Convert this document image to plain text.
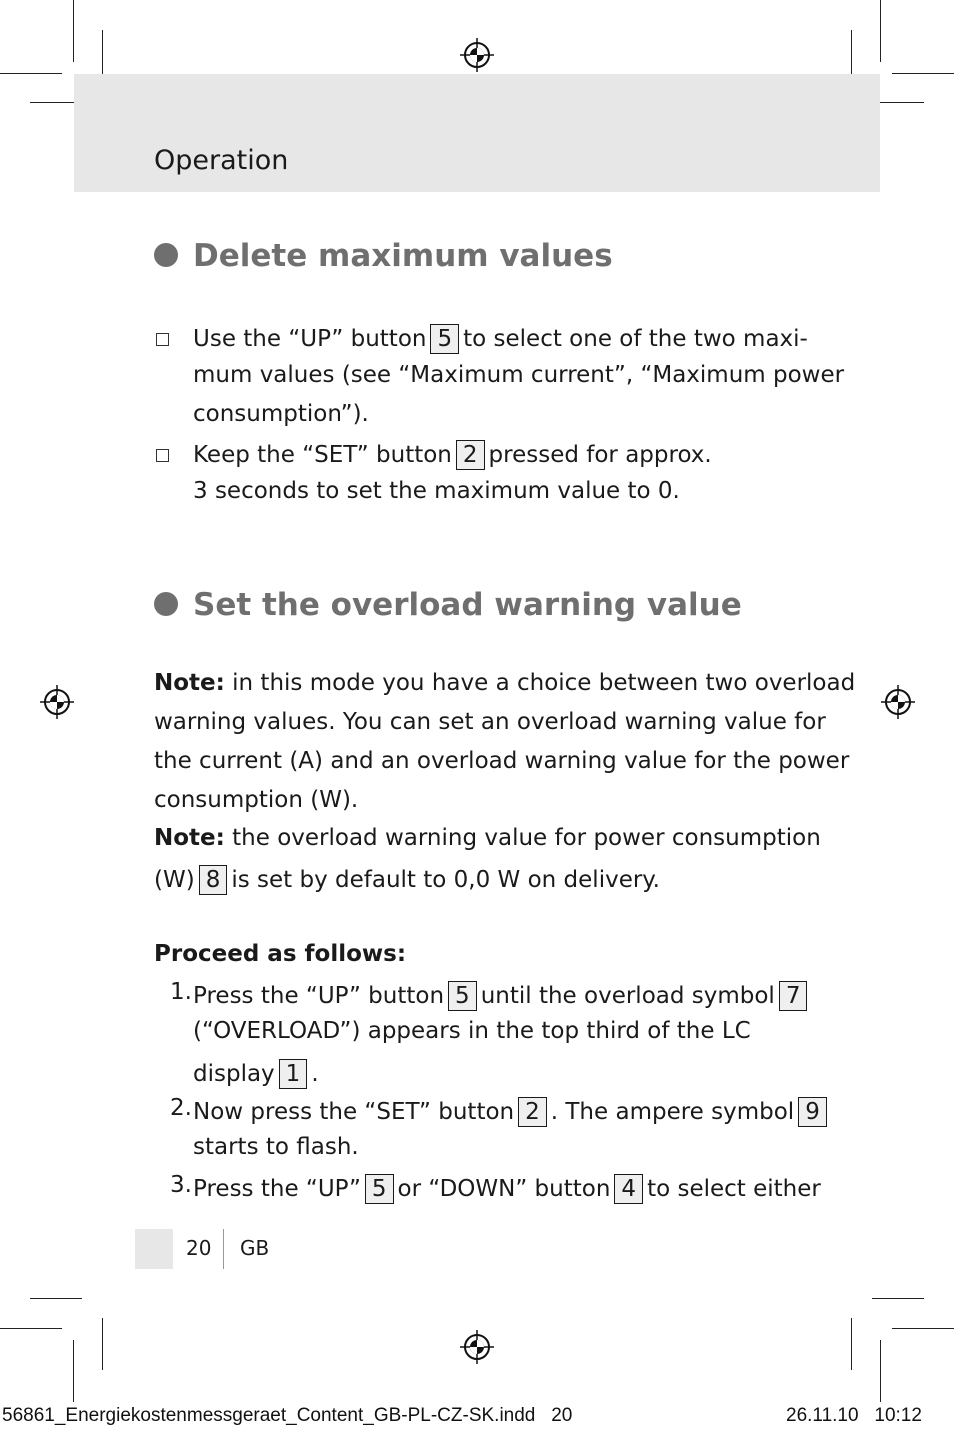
Operation
Delete maximum values
Use the “UP” button 5 to select one of the two maxi-
mum values (see “Maximum current”, “Maximum power
consumption”).
Keep the “SET” button 2 pressed for approx.
3 seconds to set the maximum value to 0.
Set the overload warning value
Note: in this mode you have a choice between two overload
warning values. You can set an overload warning value for
the current (A) and an overload warning value for the power
consumption (W).
Note: the overload warning value for power consumption
(W) 8 is set by default to 0,0 W on delivery.
Proceed as follows:
1. Press the “UP” button 5 until the overload symbol 7
(“OVERLOAD”) appears in the top third of the LC
display 1 .
2. Now press the “SET” button 2 . The ampere symbol 9
starts to flash.
3. Press the “UP” 5 or “DOWN” button 4 to select either
20 GB
56861_Energiekostenmessgeraet_Content_GB-PL-CZ-SK.indd   20	26.11.10   10:12
